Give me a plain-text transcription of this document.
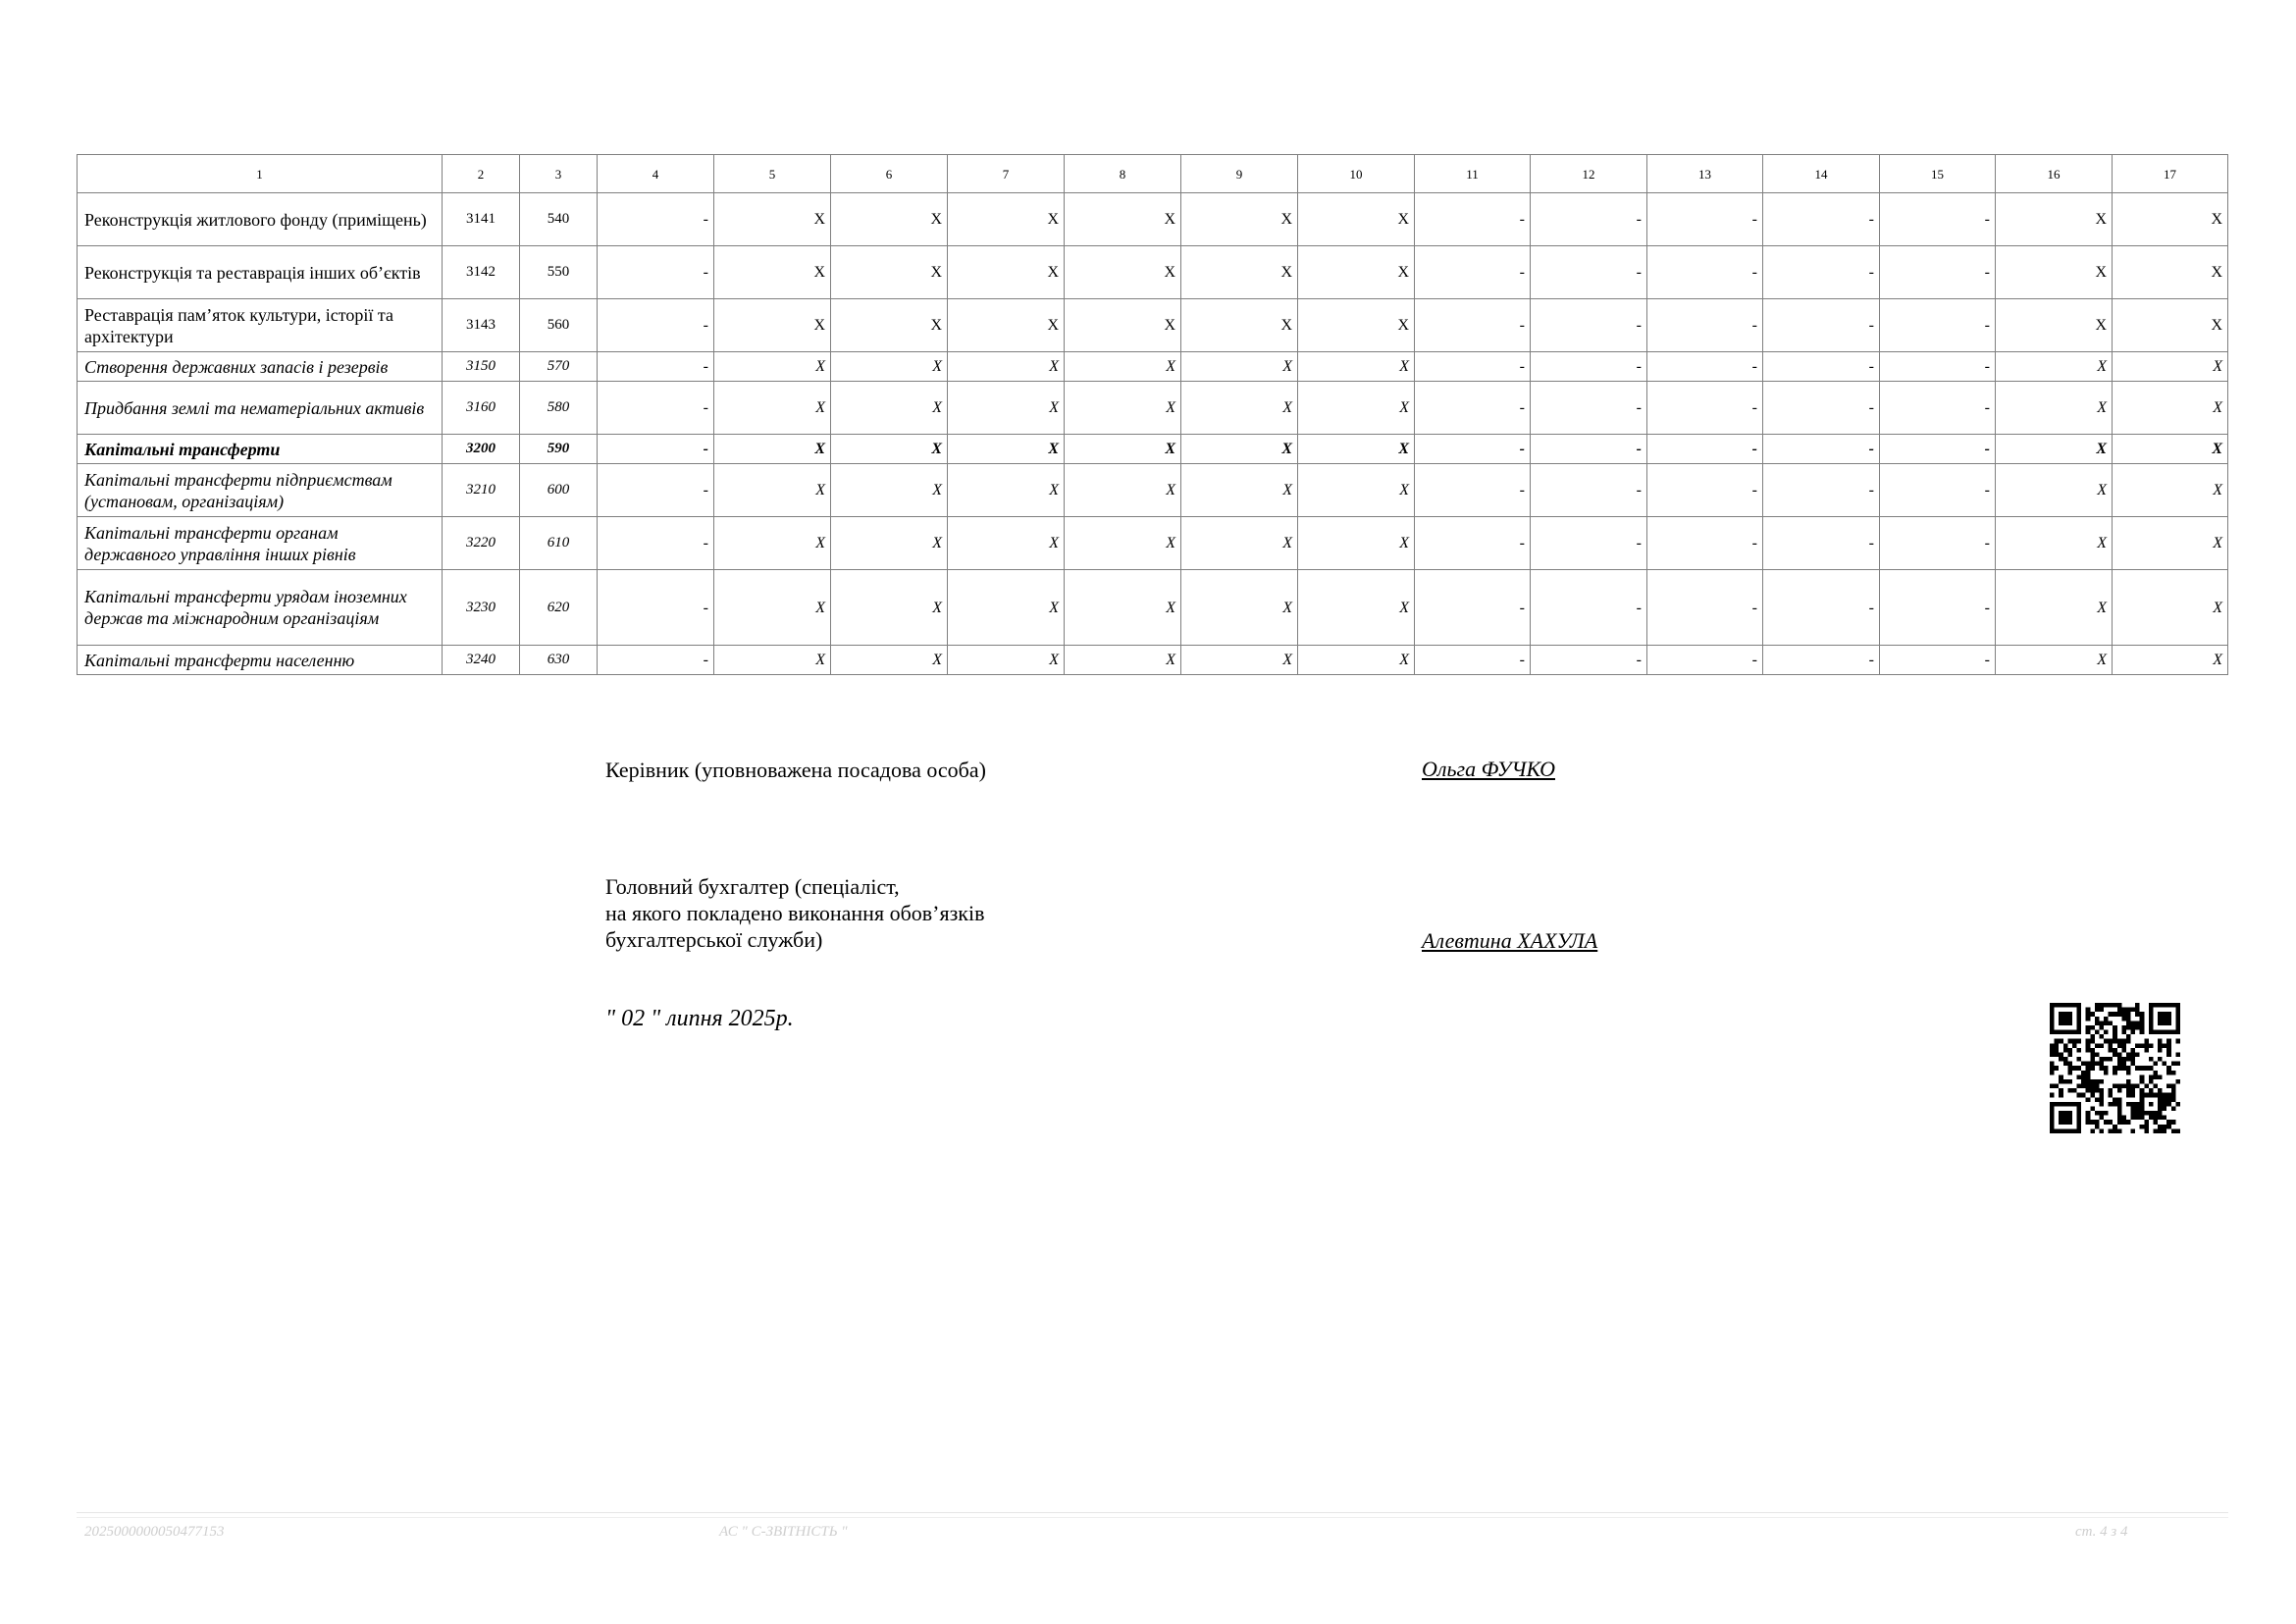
1	2	3	4	5	6	7	8	9	10	11	12	13	14	15	16	17
Реконструкція житлового фонду (приміщень)	3141	540	-	X	X	X	X	X	X	-	-	-	-	-	X	X
Реконструкція та реставрація інших об’єктів	3142	550	-	X	X	X	X	X	X	-	-	-	-	-	X	X
Реставрація пам’яток культури, історії та архітектури	3143	560	-	X	X	X	X	X	X	-	-	-	-	-	X	X
Створення державних запасів і резервів	3150	570	-	X	X	X	X	X	X	-	-	-	-	-	X	X
Придбання землі та нематеріальних активів	3160	580	-	X	X	X	X	X	X	-	-	-	-	-	X	X
Капітальні трансферти	3200	590	-	X	X	X	X	X	X	-	-	-	-	-	X	X
Капітальні трансферти підприємствам (установам, організаціям)	3210	600	-	X	X	X	X	X	X	-	-	-	-	-	X	X
Капітальні трансферти органам державного управління інших рівнів	3220	610	-	X	X	X	X	X	X	-	-	-	-	-	X	X
Капітальні трансферти урядам іноземних держав та міжнародним організаціям	3230	620	-	X	X	X	X	X	X	-	-	-	-	-	X	X
Капітальні трансферти населенню	3240	630	-	X	X	X	X	X	X	-	-	-	-	-	X	X
Керівник (уповноважена посадова особа)	Ольга ФУЧКО
Головний бухгалтер (спеціаліст,
на якого покладено виконання обов’язків
бухгалтерської служби)	Алевтина ХАХУЛА
" 02 " липня 2025р.
2025000000050477153	АС " С-ЗВІТНІСТЬ "	ст. 4 з 4
